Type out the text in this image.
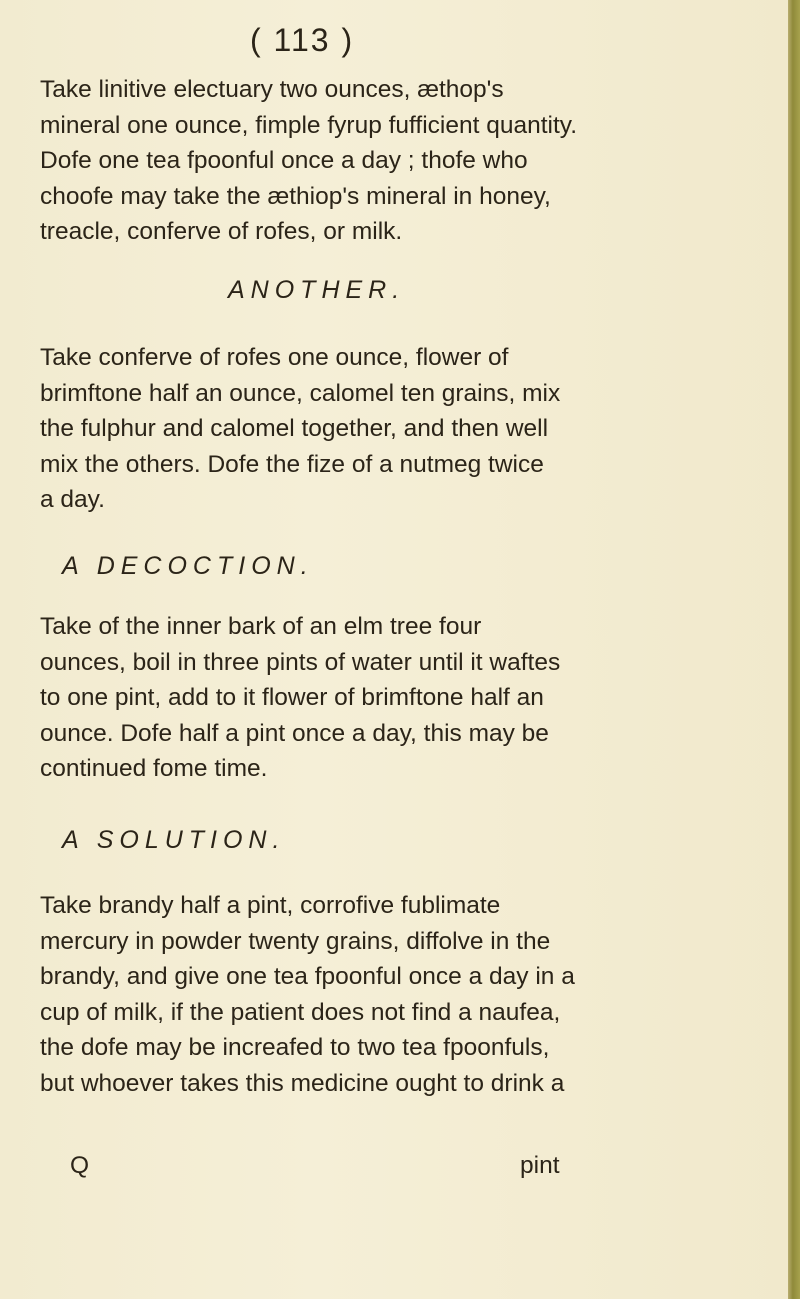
( 113 )
Take linitive electuary two ounces, æthop's
mineral one ounce, fimple fyrup fufficient quantity.
Dofe one tea fpoonful once a day ; thofe who
choofe may take the æthiop's mineral in honey,
treacle, conferve of rofes, or milk.
ANOTHER.
Take conferve of rofes one ounce, flower of
brimftone half an ounce, calomel ten grains, mix
the fulphur and calomel together, and then well
mix the others. Dofe the fize of a nutmeg twice
a day.
A DECOCTION.
Take of the inner bark of an elm tree four
ounces, boil in three pints of water until it waftes
to one pint, add to it flower of brimftone half an
ounce. Dofe half a pint once a day, this may be
continued fome time.
A SOLUTION.
Take brandy half a pint, corrofive fublimate
mercury in powder twenty grains, diffolve in the
brandy, and give one tea fpoonful once a day in a
cup of milk, if the patient does not find a naufea,
the dofe may be increafed to two tea fpoonfuls,
but whoever takes this medicine ought to drink a
Q	pint
